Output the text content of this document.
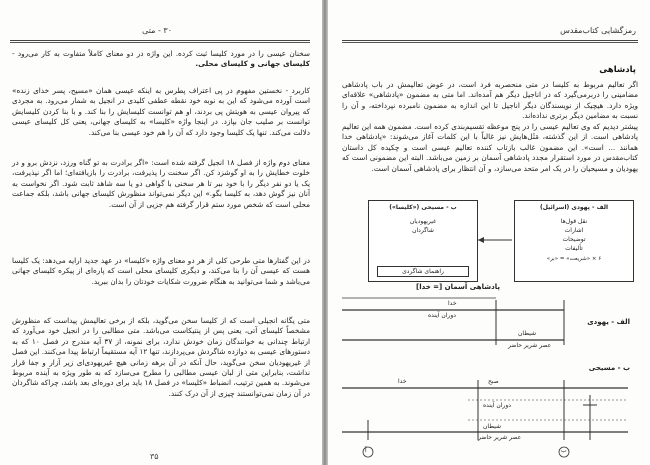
۳۰ - متی

سخنان عیسی را در مورد کلیسا ثبت کرده. این واژه در دو معنای کاملاً متفاوت به کار می‌رود - کلیسای جهانی و کلیسای محلی.

کاربرد - نخستین مفهوم در پی اعتراف پطرس به اینکه عیسی همان «مسیح، پسر خدای زنده» است آورده می‌شود که این به نوبه خود نقطه عطفی کلیدی در انجیل به شمار می‌رود. به مجردی که پیروان عیسی به هویتش پی بردند، او هم توانست کلیسایش را بنا کند. و با بنا کردن کلیسایش توانست بر صلیب جان بپازد. در اینجا واژه «کلیسا» به کلیسای جهانی، یعنی کل کلیسای عیسی دلالت می‌کند. تنها یک کلیسا وجود دارد که آن را هم خود عیسی بنا می‌کند.

معنای دوم واژه از فصل ۱۸ انجیل گرفته شده است: «اگر برادرت به تو گناه ورزد، نزدش برو و در خلوت خطایش را به او گوشزد کن. اگر سخنت را پذیرفت، برادرت را بازیافته‌ای؛ اما اگر نپذیرفت، یک یا دو نفر دیگر را با خود ببر تا هر سخنی با گواهی دو یا سه شاهد ثابت شود. اگر نخواست به آنان نیز گوش دهد، به کلیسا بگو.» این دیگر نمی‌تواند منظورش کلیسای جهانی باشد، بلکه جماعت محلی است که شخص مورد ستم قرار گرفته هم جزیی از آن است.

در این گفتارها متی طرحی کلی از هر دو معنای واژه «کلیسا» در عهد جدید ارایه می‌دهد: یک کلیسا هست که عیسی آن را بنا می‌کند، و دیگری کلیسای محلی است که پاره‌ای از پیکره کلیسای جهانی می‌باشد و شما می‌توانید به هنگام ضرورت شکایات خودتان را بدان ببرید.

متی یگانه انجیلی است که از کلیسا سخن می‌گوید، بلکه از برخی تعالیمش پیداست که منظورش مشخصاً کلیسای آتی، یعنی پس از پنتیکاست می‌باشد. متی مطالبی را در انجیل خود می‌آورد که ارتباط چندانی به خوانندگان زمان خودش ندارد، برای نمونه، از ۳۷ آیه مندرج در فصل ۱۰ که به دستورهای عیسی به دوازده شاگردش می‌پردازند، تنها ۱۲ آیه مستقیماً ارتباط پیدا می‌کنند. این فصل از غیریهودیان سخن می‌گوید، حال آنکه در آن برهه زمانی هیچ غیریهودی‌ای زیر آزار و جفا قرار نداشت، بنابراین متی از لبان عیسی مطالبی را مطرح می‌سازد که به طور ویژه به آینده مربوط می‌شوند. به همین ترتیب، انضباط «کلیسا» در فصل ۱۸ باید برای دوره‌ای بعد باشد، چراکه شاگردان در آن زمان نمی‌توانستند چیزی از آن درک کنند.

۳۵
رمزگشایی کتاب‌مقدس
پادشاهی

اگر تعالیم مربوط به کلیسا در متی منحصربه فرد است، در عوض تعالیمش در باب پادشاهی مضامینی را دربرمی‌گیرد که در اناجیل دیگر هم آمده‌اند. اما متی به مضمون «پادشاهی» علاقه‌ای ویژه دارد. هیچیک از نویسندگان دیگر اناجیل تا این اندازه به مضمون نامبرده نپرداخته، و آن را نسبت به مضامین دیگر برتری نداده‌اند.

پیشتر دیدیم که وی تعالیم عیسی را در پنج موعظه تقسیم‌بندی کرده است. مضمون همه این تعالیم پادشاهی است. از این گذشته، مَثَل‌هایش نیز غالباً با این کلمات آغاز می‌شوند: «پادشاهی خدا همانند ... است». این مضمون غالب بازتاب کننده تعالیم عیسی است و چکیده کل داستان کتاب‌مقدس در مورد استقرار مجدد پادشاهی آسمان بر زمین می‌باشد. البته این مضمونی است که یهودیان و مسیحیان را در یک امر متحد می‌سازد، و آن انتظار برای پادشاهی آسمان است.

الف - پهودی (اسرائیل)
نقل قول‌ها
اشارات
توضیحات
تألیفات
۶ × «شریعت» = «بر»
ب - مسیحی («کلیسا»)
غیریهودیان
شاگردان
راهنمای شاگردی
پادشاهی آسمان [= خدا]
الف - یهودی
خدا
دوران آینده
شیطان
عصر شریر حاضر
ب - مسیحی
خدا	صبح
دوران آینده
شیطان
عصر شریر حاضر
آ	ب
